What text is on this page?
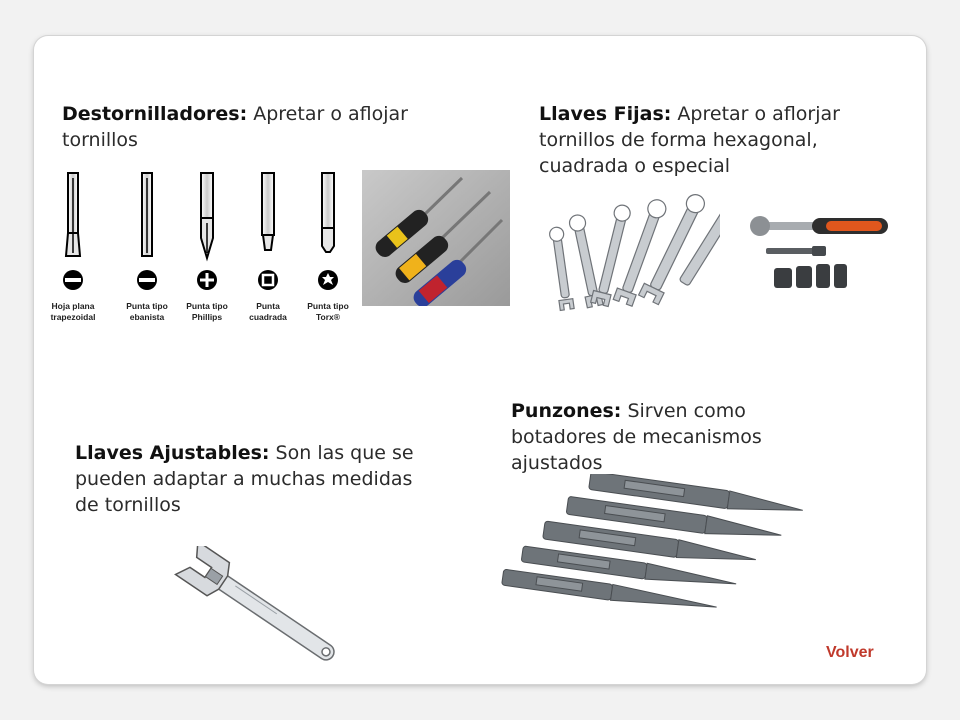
Destornilladores: Apretar o aflojar tornillos
Llaves Fijas: Apretar o aflorjar tornillos de forma hexagonal, cuadrada o especial
Llaves Ajustables: Son las que se pueden adaptar a muchas medidas de tornillos
Punzones: Sirven como botadores de mecanismos ajustados
Hoja plana
trapezoidal
Punta tipo
ebanista
Punta tipo
Phillips
Punta
cuadrada
Punta tipo
Torx®
Volver
